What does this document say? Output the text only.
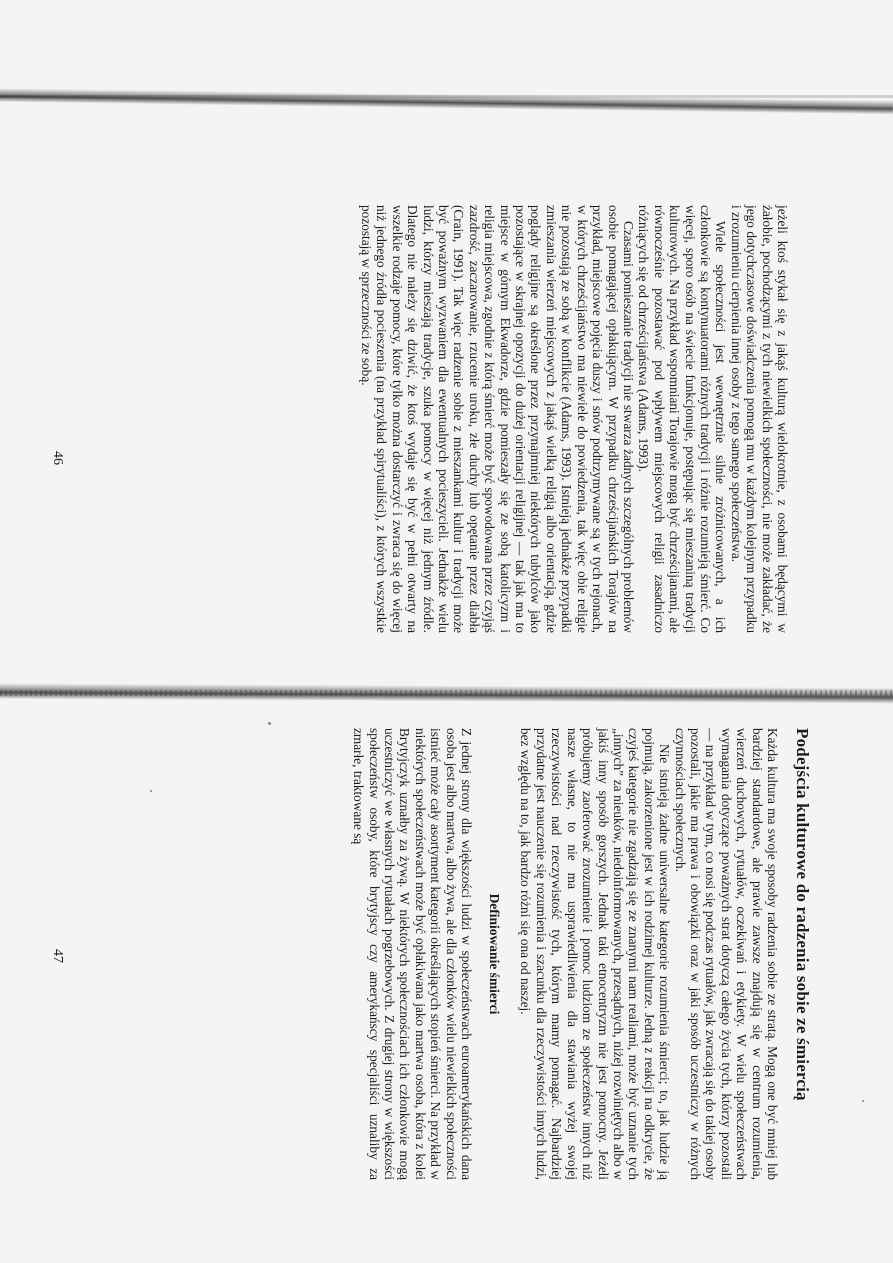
jeżeli ktoś stykał się z jakąś kulturą wielokrotnie, z osobami będącymi w żałobie, pochodzącymi z tych niewielkich społeczności, nie może zakładać, że jego dotychczasowe doświadczenia pomogą mu w każdym kolejnym przypadku i zrozumieniu cierpienia innej osoby z tego samego społeczeństwa.

Wiele społeczności jest wewnętrznie silnie zróżnicowanych, a ich członkowie są kontynuatorami różnych tradycji i różnie rozumieją śmierć. Co więcej, sporo osób na świecie funkcjonuje, postępując się mieszaniną tradycji kulturowych. Na przykład wspomniani Torajowie mogą być chrześcijanami, ale równocześnie pozostawać pod wpływem miejscowych religii zasadniczo różniących się od chrześcijaństwa (Adams, 1993).

Czasami pomieszanie tradycji nie stwarza żadnych szczególnych problemów osobie pomagającej opłakującym. W przypadku chrześcijańskich Torajów na przykład, miejscowe pojęcia duszy i snów podtrzymywane są w tych rejonach, w których chrześcijaństwo ma niewiele do powiedzenia, tak więc obie religie nie pozostają ze sobą w konflikcie (Adams, 1993). Istnieją jednakże przypadki zmieszania wierzeń miejscowych z jakąś wielką religią albo orientacją, gdzie poglądy religijne są określone przez przynajmniej niektórych tubylców jako pozostające w skrajnej opozycji do dużej orientacji religijnej — tak jak ma to miejsce w górnym Ekwadorze, gdzie pomieszały się ze sobą katolicyzm i religia miejscowa, zgodnie z którą śmierć może być spowodowana przez czyjąś zazdrość, zaczarowanie, rzucenie uroku, złe duchy lub opętanie przez diabła (Crain, 1991). Tak więc radzenie sobie z mieszankami kultur i tradycji może być poważnym wyzwaniem dla ewentualnych pocieszycieli. Jednakże wielu ludzi, którzy mieszają tradycje, szuka pomocy w więcej niż jednym źródle. Dlatego nie należy się dziwić, że ktoś wydaje się być w pełni otwarty na wszelkie rodzaje pomocy, które tylko można dostarczyć i zwraca się do więcej niż jednego źródła pocieszenia (na przykład spirytualiści), z których wszystkie pozostają w sprzeczności ze sobą.

46
Podejścia kulturowe do radzenia sobie ze śmiercią

Każda kultura ma swoje sposoby radzenia sobie ze stratą. Mogą one być mniej lub bardziej standardowe, ale prawie zawsze znajdują się w centrum rozumienia, wierzeń duchowych, rytuałów, oczekiwań i etykiety. W wielu społeczeństwach wymagania dotyczące poważnych strat dotyczą całego życia tych, którzy pozostali — na przykład w tym, co nosi się podczas rytuałów, jak zwracają się do takiej osoby pozostali, jakie ma prawa i obowiązki oraz w jaki sposób uczestniczy w różnych czynnościach społecznych.

Nie istnieją żadne uniwersalne kategorie rozumienia śmierci; to, jak ludzie ją pojmują, zakorzenione jest w ich rodzimej kulturze. Jedną z reakcji na odkrycie, że czyjeś kategorie nie zgadzają się ze znanymi nam realiami, może być uznanie tych „innych” za nieuków, niedoinformowanych, przesądnych, niżej rozwiniętych albo w jakiś inny sposób gorszych. Jednak taki etnocentryzm nie jest pomocny. Jeżeli próbujemy zaoferować zrozumienie i pomoc ludziom ze społeczeństw innych niż nasze własne, to nie ma usprawiedliwienia dla stawiania wyżej swojej rzeczywistości nad rzeczywistość tych, którym mamy pomagać. Najbardziej przydatne jest nauczenie się rozumienia i szacunku dla rzeczywistości innych ludzi, bez względu na to, jak bardzo różni się ona od naszej.

Definiowanie śmierci

Z jednej strony dla większości ludzi w społeczeństwach euroamerykańskich dana osoba jest albo martwa, albo żywa, ale dla członków wielu niewielkich społeczności istnieć może cały asortyment kategorii określających stopień śmierci. Na przykład w niektórych społeczeństwach może być opłakiwana jako martwa osoba, która z kolei Brytyjczyk uznałby za żywą. W niektórych społecznościach ich członkowie mogą uczestniczyć we własnych rytuałach pogrzebowych. Z drugiej strony w większości społeczeństw osoby, które brytyjscy czy amerykańscy specjaliści uznaliby za zmarłe, traktowane są

47
